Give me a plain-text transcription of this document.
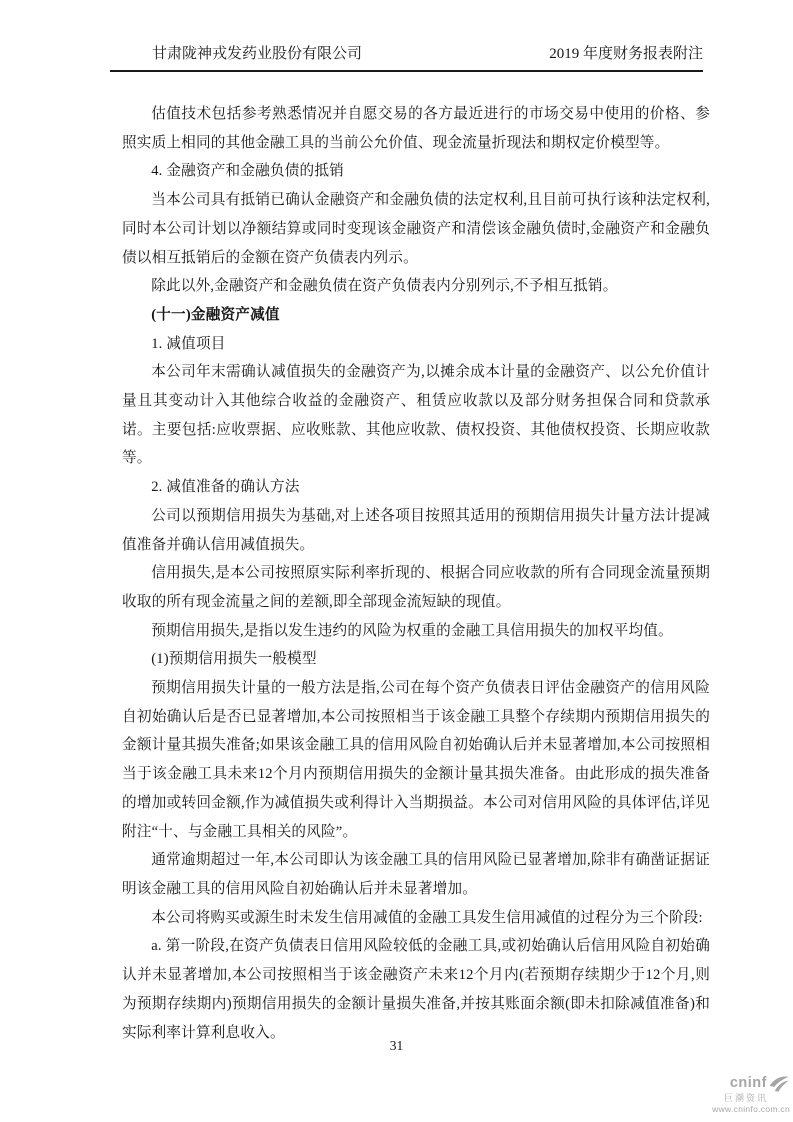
甘肃陇神戎发药业股份有限公司	2019 年度财务报表附注

估值技术包括参考熟悉情况并自愿交易的各方最近进行的市场交易中使用的价格、参照实质上相同的其他金融工具的当前公允价值、现金流量折现法和期权定价模型等。

4. 金融资产和金融负债的抵销

当本公司具有抵销已确认金融资产和金融负债的法定权利,且目前可执行该种法定权利,同时本公司计划以净额结算或同时变现该金融资产和清偿该金融负债时,金融资产和金融负债以相互抵销后的金额在资产负债表内列示。

除此以外,金融资产和金融负债在资产负债表内分别列示,不予相互抵销。

(十一)金融资产减值

1. 减值项目

本公司年末需确认减值损失的金融资产为,以摊余成本计量的金融资产、以公允价值计量且其变动计入其他综合收益的金融资产、租赁应收款以及部分财务担保合同和贷款承诺。主要包括:应收票据、应收账款、其他应收款、债权投资、其他债权投资、长期应收款等。

2. 减值准备的确认方法

公司以预期信用损失为基础,对上述各项目按照其适用的预期信用损失计量方法计提减值准备并确认信用减值损失。

信用损失,是本公司按照原实际利率折现的、根据合同应收款的所有合同现金流量预期收取的所有现金流量之间的差额,即全部现金流短缺的现值。

预期信用损失,是指以发生违约的风险为权重的金融工具信用损失的加权平均值。

(1)预期信用损失一般模型

预期信用损失计量的一般方法是指,公司在每个资产负债表日评估金融资产的信用风险自初始确认后是否已显著增加,本公司按照相当于该金融工具整个存续期内预期信用损失的金额计量其损失准备;如果该金融工具的信用风险自初始确认后并未显著增加,本公司按照相当于该金融工具未来12个月内预期信用损失的金额计量其损失准备。由此形成的损失准备的增加或转回金额,作为减值损失或利得计入当期损益。本公司对信用风险的具体评估,详见附注“十、与金融工具相关的风险”。

通常逾期超过一年,本公司即认为该金融工具的信用风险已显著增加,除非有确凿证据证明该金融工具的信用风险自初始确认后并未显著增加。

本公司将购买或源生时未发生信用减值的金融工具发生信用减值的过程分为三个阶段:

a. 第一阶段,在资产负债表日信用风险较低的金融工具,或初始确认后信用风险自初始确认并未显著增加,本公司按照相当于该金融资产未来12个月内(若预期存续期少于12个月,则为预期存续期内)预期信用损失的金额计量损失准备,并按其账面余额(即未扣除减值准备)和实际利率计算利息收入。

31
cninf
巨潮资讯
www.cninfo.com.cn
